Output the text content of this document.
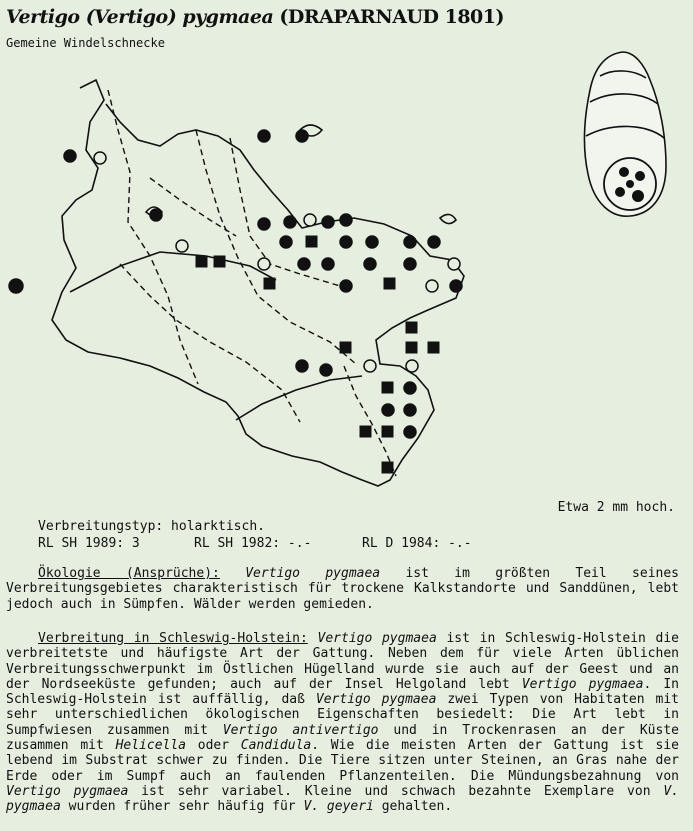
Vertigo (Vertigo) pygmaea (DRAPARNAUD 1801)
Gemeine Windelschnecke
Etwa 2 mm hoch.
Verbreitungstyp: holarktisch.
RL SH 1989: 3	RL SH 1982: -.-	RL D 1984: -.-
Ökologie (Ansprüche): Vertigo pygmaea ist im größten Teil seines Verbreitungsgebietes charakteristisch für trockene Kalkstandorte und Sanddünen, lebt jedoch auch in Sümpfen. Wälder werden gemieden.
Verbreitung in Schleswig-Holstein: Vertigo pygmaea ist in Schleswig-Holstein die verbreitetste und häufigste Art der Gattung. Neben dem für viele Arten üblichen Verbreitungsschwerpunkt im Östlichen Hügelland wurde sie auch auf der Geest und an der Nordseeküste gefunden; auch auf der Insel Helgoland lebt Vertigo pygmaea. In Schleswig-Holstein ist auffällig, daß Vertigo pygmaea zwei Typen von Habitaten mit sehr unterschiedlichen ökologischen Eigenschaften besiedelt: Die Art lebt in Sumpfwiesen zusammen mit Vertigo antivertigo und in Trockenrasen an der Küste zusammen mit Helicella oder Candidula. Wie die meisten Arten der Gattung ist sie lebend im Substrat schwer zu finden. Die Tiere sitzen unter Steinen, an Gras nahe der Erde oder im Sumpf auch an faulenden Pflanzenteilen. Die Mündungsbezahnung von Vertigo pygmaea ist sehr variabel. Kleine und schwach bezahnte Exemplare von V. pygmaea wurden früher sehr häufig für V. geyeri gehalten.
